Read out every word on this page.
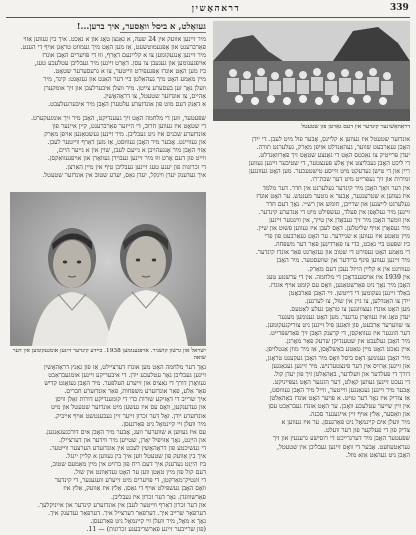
339
דראהאָשין
געזאָלט, א ביסל וואַסער, איך ברען...!
מיר זיינען אוועק אין 24 שעה, א גאַנצן טאָג און א נאַכט. איך בין געווען אַזוי
פאַרברענט און אָפּגעמוטשעט, אַז מען האָט מיך געמוזט טראָגן אויף די הענט.
מיר זיינען אָנגעקומען צו א קליינעם דאָרף, וווּ די פּויערים האָבן אונדז
אויפגענומען און געגעבן צו עסן. דאָרט זיינען מיר געבליבן עטלעכע טעג,
ביז מען האָט אונדז אָפּגעפירט ווייטער, צו א גרעסערער שטאָט.
מיין מאַמע האָט מיך געהאַלטן ביי דער האַנט און געזאָגט: קינד, מיר
וועלן נאָך זען בעסערע צייטן. מיר וועלן איבערלעבן און זיך אומקערן
אַהיים, צו אונדזער שטעטל, צו דראָהאָשין.
א דאַנק דעם מוט פון אונדזערע עלטערן האָבן מיר איבערגעלעבט.
שפּעטער, ווען די מלחמה האָט זיך געענדיקט, האָבן מיר זיך אומגעקערט.
די שטאָט איז געווען חרוב, די הייזער פאַרברענט, קיין איינער פון
אונדזערע שכנים איז ניט געבליבן. מיר זיינען געשטאַנען אויפן מאַרק
און געוויינט. אָבער מיר האָבן געוווּסט, אַז מען דאַרף ווייטער לעבן.
אַזוי האָבן מיר אָנגעהויבן א נייעם לעבן, שוין אין א נייער היים,
ווייט פון דעם אָרט וווּ מיר זיינען געבוירן געוואָרן און אויפגעוואַקסן.
די זכרונות פון יענע טעג זיינען געבליבן טיף אין מיין האַרצן.
איך געדענק יעדן ווינקל, יעדן גאַס, יעדע שטוב אין אונדזער שטעטל.
ישראל און גרשון קושניר. אויפגענומען 1938. ביידע קינדער זיינען אומגעקומען אין דער שואה
נאָך דער מלחמה האָט מען אונדז דערציילט, אַז פון גאַנץ דראָהאָשין
זיינען געבליבן נאָר עטלעכע ייִדן. די איבעריקע זיינען אומגעבראַכט
געוואָרן דורך די נאַציס און זייערע העלפער. מיר האָבן געזאָגט קדיש
פאַר אַלע, פאַר אונדזערע משפּחות, פאַר אונדזערע חברים.
איך שרייב די דאָזיקע שורות כדי די קומענדיקע דורות זאָלן וויסן
און געדענקען, וואָס עס איז געשען מיט אונדזער שטעטל און מיט
אונדזערע ייִדן. זאָל דער זכרון זייער זיין געבענטשט אויף אייביק.
מיר וועלן זיי קיינמאָל ניט פאַרגעסן.
עס איז געווען א שווערער וועג, אָבער מיר האָבן אים דורכגעגאַנגען.
און הייַנט, נאָך אַזויפיל יאָרן, שטייען מיר ווידער און דערציילן.
די געשיכטע פון דראָהאָשין לעבט אין אונדזערע הערצער ווייטער.
איך בין אַוועק פון שטעטל ווען איך בין געווען א קליין ייִנגל.
ביז הייַנט געדענק איך דעם ריח פון ברויט אין מיין מאַמעס שטוב,
דעם קול פון מיין טאַטן ווען ער האָט געדאַוונט אין שול.
די זונטיק־מאַרקטן, די פּויערים מיט זייערע וועגענער, די קינדער
וואָס האָבן געשפּילט אויף די גאַסן. אַלץ איז אַוועק, אַלץ איז
פאַרשוווּנדן. נאָר דער זכרון איז געבליבן.
און דער זכרון דאַרף ווייטער לעבן אין אונדזערע קינדער און אייניקלעך.
דערפאַר שרייב איך. דערפאַר דערצייל איך. דערפאַר געדענק איך.
נאָך א מאָל, מיר וועלן זיי קיינמאָל ניט פאַרגעסן.
(פון שרייבער זיינע פאַרשריבענע זכרונות) — 11.
דראָהאָשינער קינדער אין דעם גאָרטן פון שטעטל
אונדזער שטעטל איז געווען א קליינס, אָבער פול מיט לעבן. די ייִדן
האָבן געאַרבעט שווער, געהאַנדלט אויפן מאַרק, געלערנט תורה.
יעדן פרייטיק צו נאַכטס האָט די גאַנצע שטאָט זיך פאַרוואַנדלט.
די ליכט האָבן געבליצט אין אַלע פענצטער, די שטיבער זיינען געווען
ריין און די טישן געדעקט מיט ווייסע טישטעכער. מען האָט געזונגען
זמירות און זיך געפרייט מיט דער שבת־רו.
אין דער וואָך האָבן מיר קינדער געלערנט אין חדר. דער מלמד
איז געווען א שטרענגער, אָבער א גוטער מענטש. ער האָט אונדז
געלערנט לייענען און שרייבן, חומש און רש״י. נאָך דעם חדר
זיינען מיר געלאָפן אין פעלד, געשפּילט מיט די אַנדערע קינדער.
אין זומער האָבן מיר זיך געבאָדן אין טייך, אין ווינטער זיינען
מיר געפאָרן אויף שליטלען. דאָס לעבן איז געווען פשוט און שיין.
מיין טאַטע איז געווען א שניידער. ער האָט געאַרבעט פון פרי
ביז שפּעט ביי נאַכט, כדי צו פאַרדינען פאַר דער משפּחה.
די מאַמע האָט געפירט די שטוב און געזאָרגט פאַר אונדז קינדער.
מיר זיינען געווען פינף ברידער און שוועסטער. מיר האָבן
געוווינט אין א קליין הייזל נעבן דעם מאַרק.
אין 1939 איז אויסגעבראָכן די מלחמה. אין די ערשטע טעג
האָבן מיר נאָך ניט פאַרשטאַנען, וואָס עס קומט אויף אונדז.
באַלד זיינען געקומען די דייטשן. זיי האָבן פאַרבאָטן
ייִדן צו האַנדלען, צו גיין אין שול, צו לערנען.
מען האָט אונדז געצוווּנגען צו טראָגן געלע לאַטעס.
יעדן טאָג איז געוואָרן ערגער. מען האָט גענומען מענער
צו שווערער אַרבעט, פון וואַנען פיל זיינען ניט צוריקגעקומען.
דער הונגער איז געוואַקסן, די קרענק האָבן זיך פאַרשפּרייט.
מיר האָבן געלעבט אין שטענדיקן שרעק פאַר מאָרגן.
איין נאַכט האָט מיין טאַטע באַשלאָסן, אַז מיר מוזן אַנטלויפן.
מיר האָבן גענומען דאָס ביסל וואָס מיר האָבן געקענט טראָגן,
און זיינען אַרויס אין דער פינצטערניש. מיר זיינען געגאַנגען
דורך די פעלדער און וועלדער, באַהאַלטן זיך פון יעדן קול.
די נעכט זיינען געווען קאַלט, דער הונגער האָט געפּייניקט.
אָבער מיר זיינען געגאַנגען ווייטער, ווייל מיר האָבן געוווּסט,
אַז צוריק איז נאָר דער טויט. א פּויער האָט אונדז באַהאַלטן
אין זיין שייער עטלעכע וואָכן. ער האָט אונדז געבראַכט עסן
און וואַסער, אַלץ אויף זיין אייגענער סכּנה.
מיר וועלן אים קיינמאָל ניט פאַרגעסן. ער איז געווען א
צדיק פון די פעלקער פון דער וועלט.
שפּעטער האָבן מיר דערגרייכט די רוסישע גרענעץ און זיך
געראַטעוועט. אָבער די וואָס זיינען געבליבן אין שטעטל,
האָבן ניט געהאַט אַזא מזל.
